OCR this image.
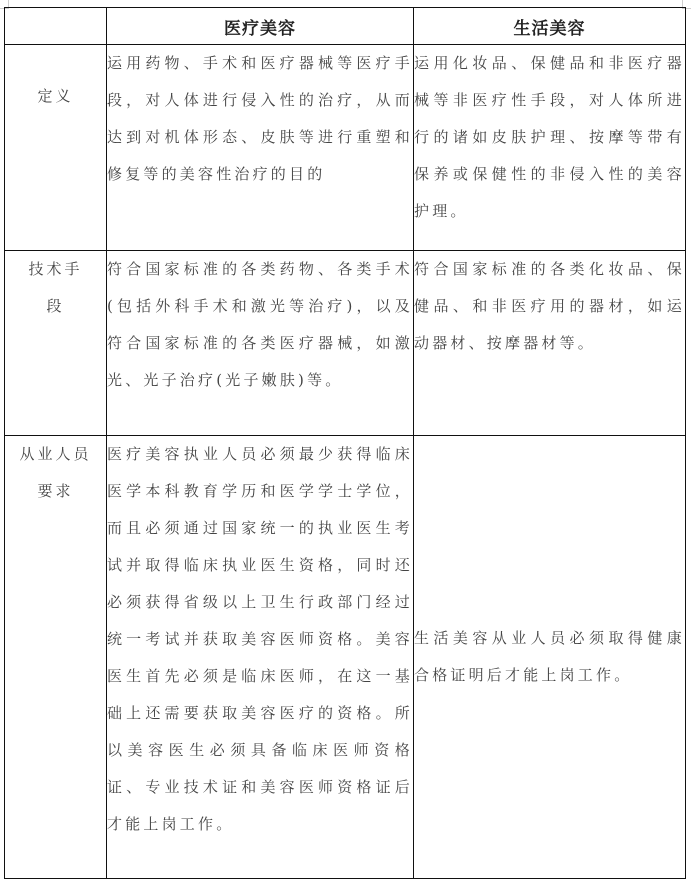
	医疗美容	生活美容
定义	运用药物、手术和医疗器械等医疗手段，对人体进行侵入性的治疗，从而达到对机体形态、皮肤等进行重塑和修复等的美容性治疗的目的	运用化妆品、保健品和非医疗器械等非医疗性手段，对人体所进行的诸如皮肤护理、按摩等带有保养或保健性的非侵入性的美容护理。
技术手段	符合国家标准的各类药物、各类手术(包括外科手术和激光等治疗)，以及符合国家标准的各类医疗器械，如激光、光子治疗(光子嫩肤)等。	符合国家标准的各类化妆品、保健品、和非医疗用的器材，如运动器材、按摩器材等。
从业人员要求	医疗美容执业人员必须最少获得临床医学本科教育学历和医学学士学位，而且必须通过国家统一的执业医生考试并取得临床执业医生资格，同时还必须获得省级以上卫生行政部门经过统一考试并获取美容医师资格。美容医生首先必须是临床医师，在这一基础上还需要获取美容医疗的资格。所以美容医生必须具备临床医师资格证、专业技术证和美容医师资格证后才能上岗工作。	生活美容从业人员必须取得健康合格证明后才能上岗工作。
